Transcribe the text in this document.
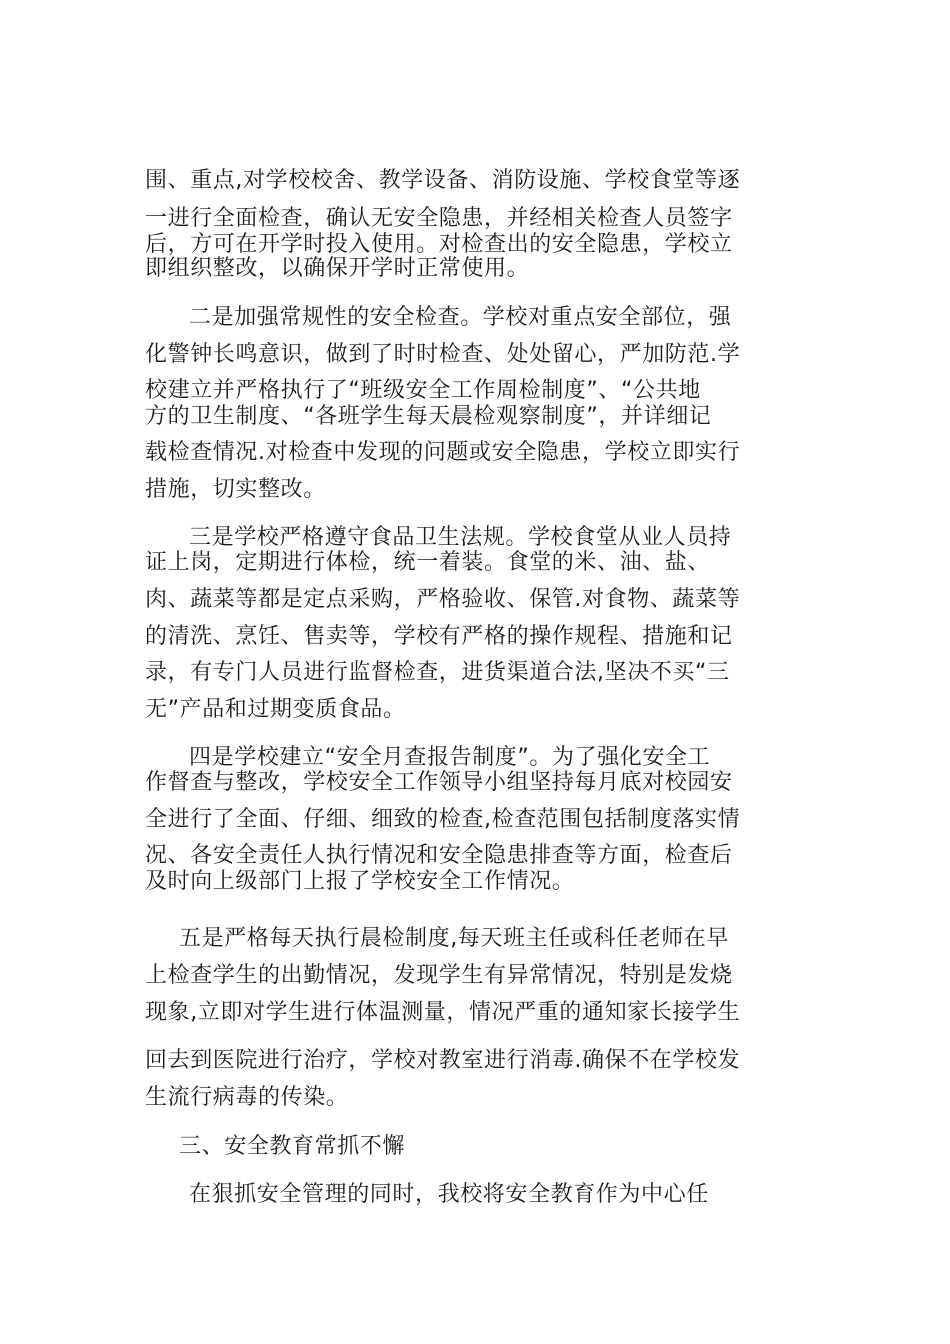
围、重点,对学校校舍、教学设备、消防设施、学校食堂等逐
一进行全面检查，确认无安全隐患，并经相关检查人员签字
后，方可在开学时投入使用。对检查出的安全隐患，学校立
即组织整改，以确保开学时正常使用。
二是加强常规性的安全检查。学校对重点安全部位，强
化警钟长鸣意识，做到了时时检查、处处留心，严加防范.学
校建立并严格执行了“班级安全工作周检制度”、“公共地
方的卫生制度、“各班学生每天晨检观察制度”，并详细记
载检查情况.对检查中发现的问题或安全隐患，学校立即实行
措施，切实整改。
三是学校严格遵守食品卫生法规。学校食堂从业人员持
证上岗，定期进行体检，统一着装。食堂的米、油、盐、
肉、蔬菜等都是定点采购，严格验收、保管.对食物、蔬菜等
的清洗、烹饪、售卖等，学校有严格的操作规程、措施和记
录，有专门人员进行监督检查，进货渠道合法,坚决不买“三
无”产品和过期变质食品。
四是学校建立“安全月查报告制度”。为了强化安全工
作督查与整改，学校安全工作领导小组坚持每月底对校园安
全进行了全面、仔细、细致的检查,检查范围包括制度落实情
况、各安全责任人执行情况和安全隐患排查等方面，检查后
及时向上级部门上报了学校安全工作情况。
五是严格每天执行晨检制度,每天班主任或科任老师在早
上检查学生的出勤情况，发现学生有异常情况，特别是发烧
现象,立即对学生进行体温测量，情况严重的通知家长接学生
回去到医院进行治疗，学校对教室进行消毒.确保不在学校发
生流行病毒的传染。
三、安全教育常抓不懈
在狠抓安全管理的同时，我校将安全教育作为中心任
